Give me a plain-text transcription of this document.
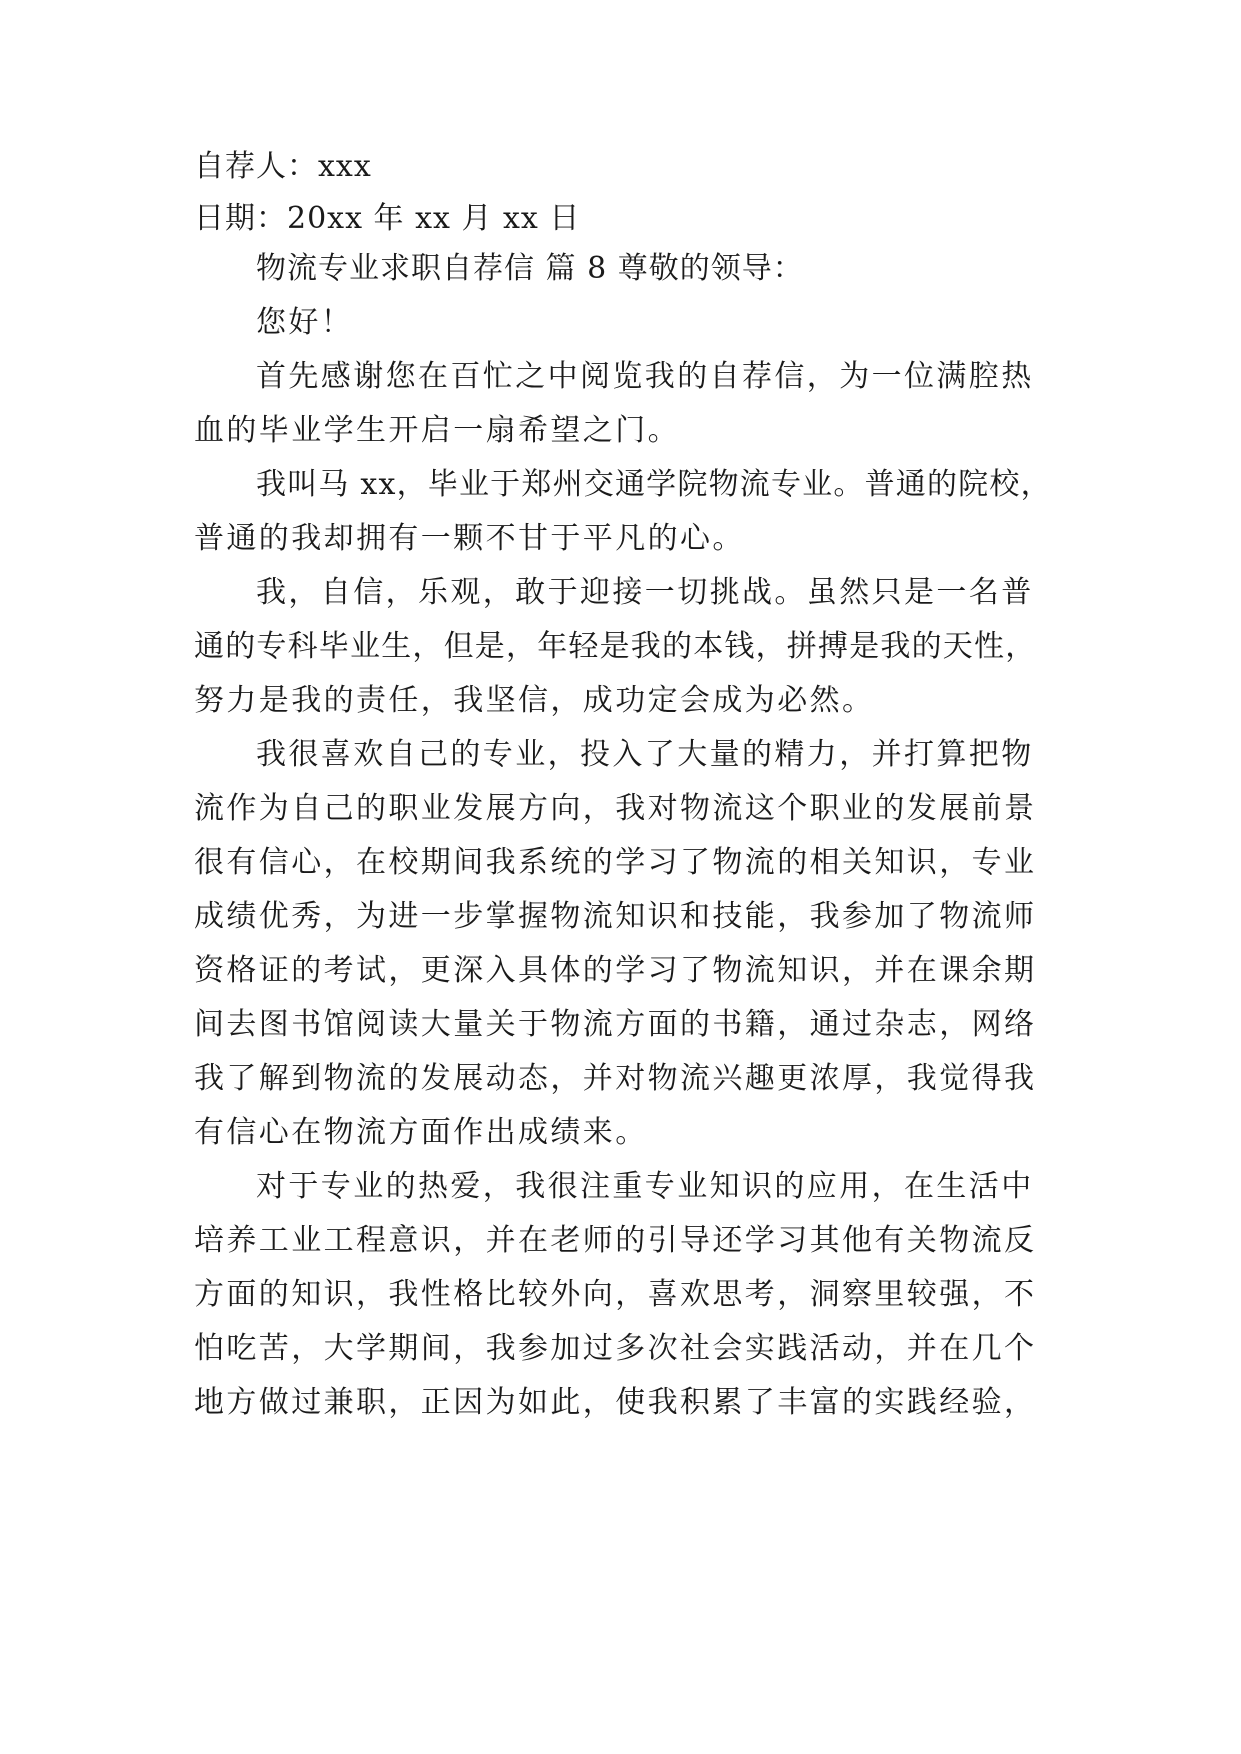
自荐人：xxx
日期：20xx 年 xx 月 xx 日
物流专业求职自荐信 篇 8 尊敬的领导：
您好！
首先感谢您在百忙之中阅览我的自荐信，为一位满腔热
血的毕业学生开启一扇希望之门。
我叫马 xx，毕业于郑州交通学院物流专业。普通的院校，
普通的我却拥有一颗不甘于平凡的心。
我，自信，乐观，敢于迎接一切挑战。虽然只是一名普
通的专科毕业生，但是，年轻是我的本钱，拼搏是我的天性，
努力是我的责任，我坚信，成功定会成为必然。
我很喜欢自己的专业，投入了大量的精力，并打算把物
流作为自己的职业发展方向，我对物流这个职业的发展前景
很有信心，在校期间我系统的学习了物流的相关知识，专业
成绩优秀，为进一步掌握物流知识和技能，我参加了物流师
资格证的考试，更深入具体的学习了物流知识，并在课余期
间去图书馆阅读大量关于物流方面的书籍，通过杂志，网络
我了解到物流的发展动态，并对物流兴趣更浓厚，我觉得我
有信心在物流方面作出成绩来。
对于专业的热爱，我很注重专业知识的应用，在生活中
培养工业工程意识，并在老师的引导还学习其他有关物流反
方面的知识，我性格比较外向，喜欢思考，洞察里较强，不
怕吃苦，大学期间，我参加过多次社会实践活动，并在几个
地方做过兼职，正因为如此，使我积累了丰富的实践经验，
